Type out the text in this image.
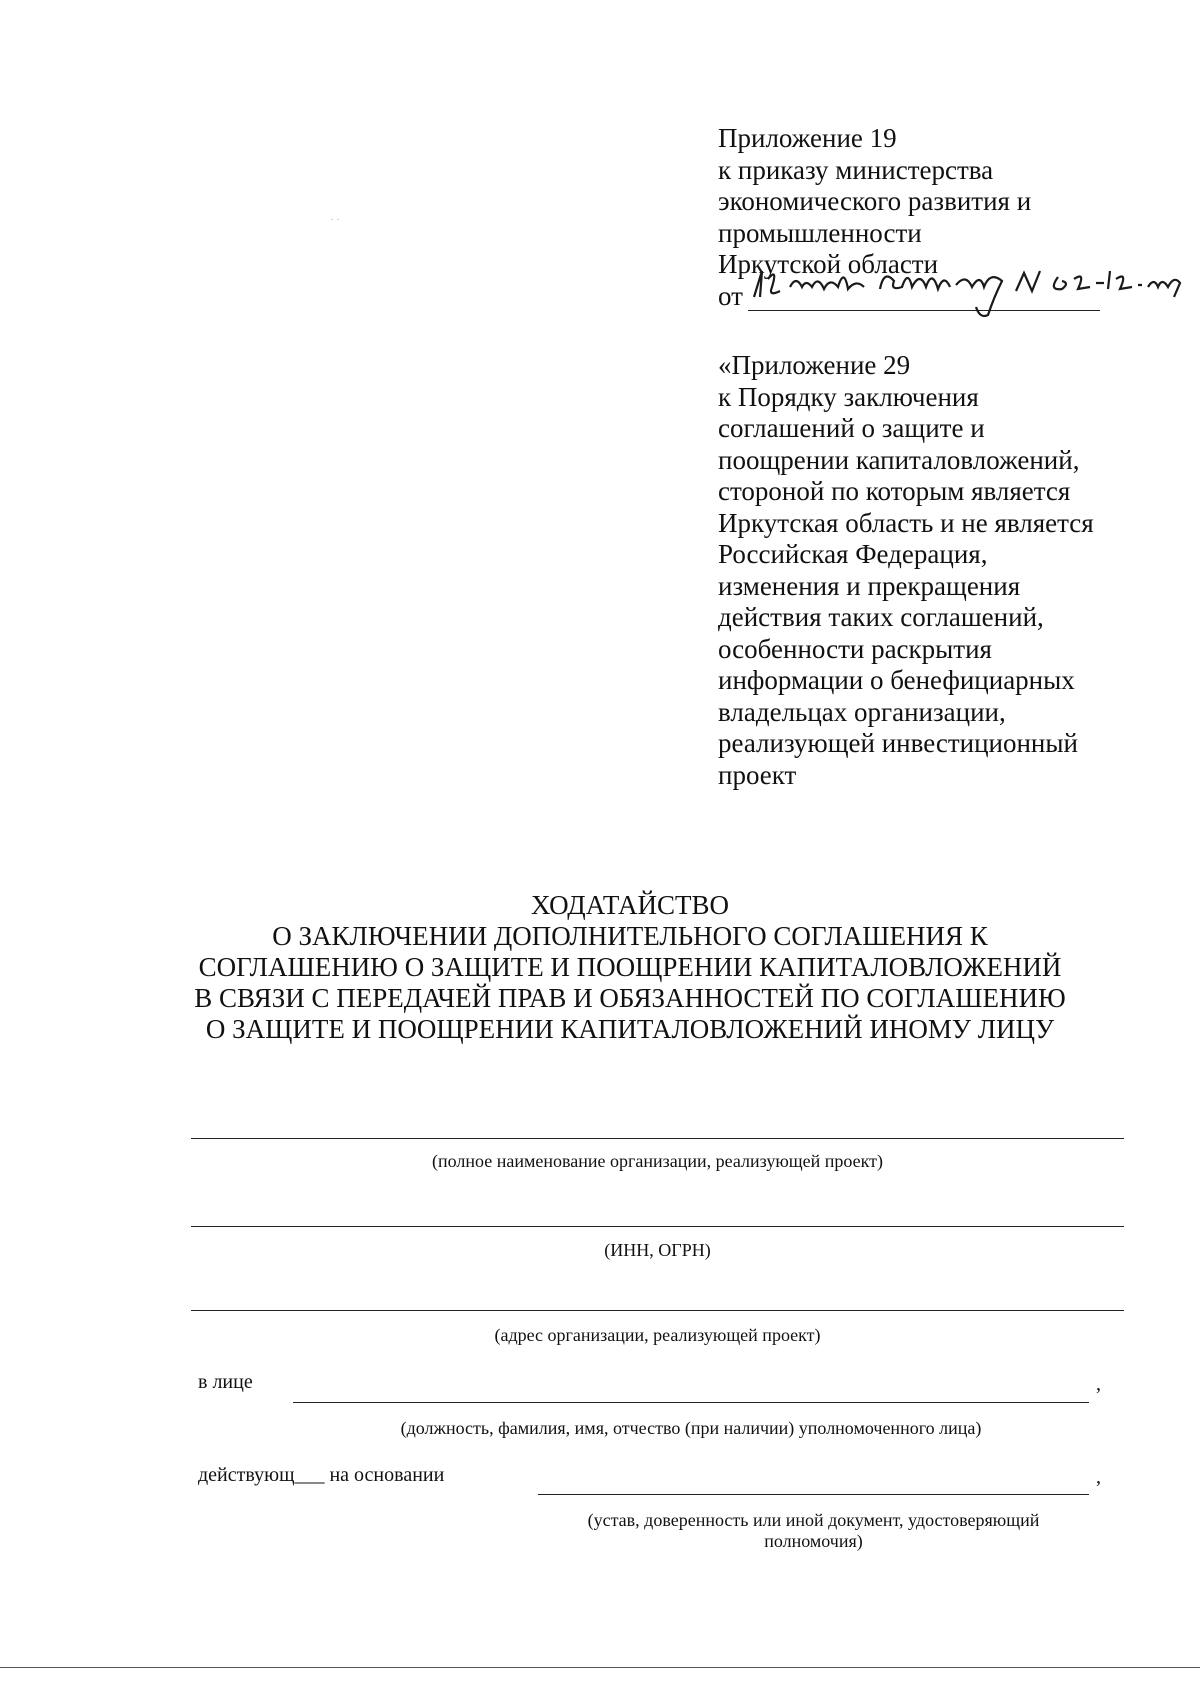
· ·
Приложение 19
к приказу министерства
экономического развития и
промышленности
Иркутской области
от
«Приложение 29
к Порядку заключения
соглашений о защите и
поощрении капиталовложений,
стороной по которым является
Иркутская область и не является
Российская Федерация,
изменения и прекращения
действия таких соглашений,
особенности раскрытия
информации о бенефициарных
владельцах организации,
реализующей инвестиционный
проект
ХОДАТАЙСТВО
О ЗАКЛЮЧЕНИИ ДОПОЛНИТЕЛЬНОГО СОГЛАШЕНИЯ К
СОГЛАШЕНИЮ О ЗАЩИТЕ И ПООЩРЕНИИ КАПИТАЛОВЛОЖЕНИЙ
В СВЯЗИ С ПЕРЕДАЧЕЙ ПРАВ И ОБЯЗАННОСТЕЙ ПО СОГЛАШЕНИЮ
О ЗАЩИТЕ И ПООЩРЕНИИ КАПИТАЛОВЛОЖЕНИЙ ИНОМУ ЛИЦУ
(полное наименование организации, реализующей проект)
(ИНН, ОГРН)
(адрес организации, реализующей проект)
в лице	,
(должность, фамилия, имя, отчество (при наличии) уполномоченного лица)
действующ___ на основании	,
(устав, доверенность или иной документ, удостоверяющий
полномочия)
